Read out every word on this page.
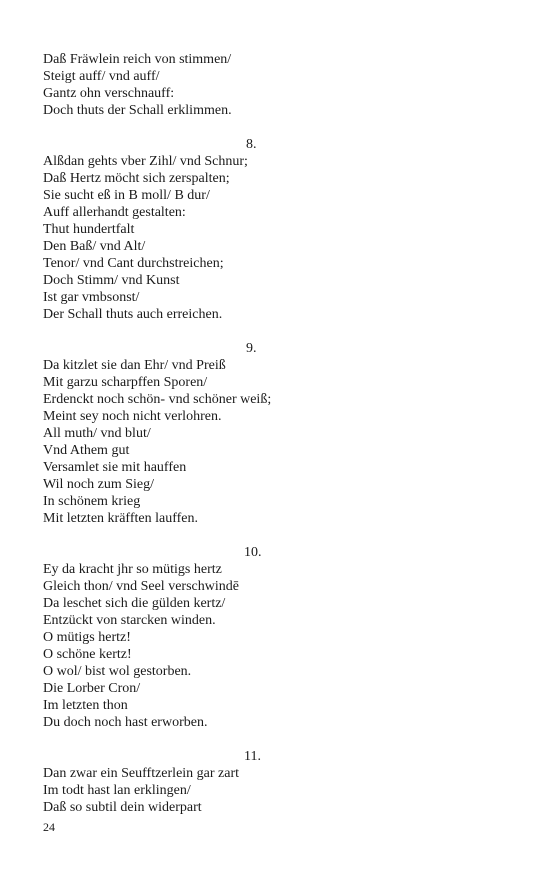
Daß Fräwlein reich von stimmen/
Steigt auff/ vnd auff/
Gantz ohn verschnauff:
Doch thuts der Schall erklimmen.
8.
Alßdan gehts vber Zihl/ vnd Schnur;
Daß Hertz möcht sich zerspalten;
Sie sucht eß in B moll/ B dur/
Auff allerhandt gestalten:
Thut hundertfalt
Den Baß/ vnd Alt/
Tenor/ vnd Cant durchstreichen;
Doch Stimm/ vnd Kunst
Ist gar vmbsonst/
Der Schall thuts auch erreichen.
9.
Da kitzlet sie dan Ehr/ vnd Preiß
Mit garzu scharpffen Sporen/
Erdenckt noch schön- vnd schöner weiß;
Meint sey noch nicht verlohren.
All muth/ vnd blut/
Vnd Athem gut
Versamlet sie mit hauffen
Wil noch zum Sieg/
In schönem krieg
Mit letzten kräfften lauffen.
10.
Ey da kracht jhr so mütigs hertz
Gleich thon/ vnd Seel verschwindē
Da leschet sich die gülden kertz/
Entzückt von starcken winden.
O mütigs hertz!
O schöne kertz!
O wol/ bist wol gestorben.
Die Lorber Cron/
Im letzten thon
Du doch noch hast erworben.
11.
Dan zwar ein Seufftzerlein gar zart
Im todt hast lan erklingen/
Daß so subtil dein widerpart
24
